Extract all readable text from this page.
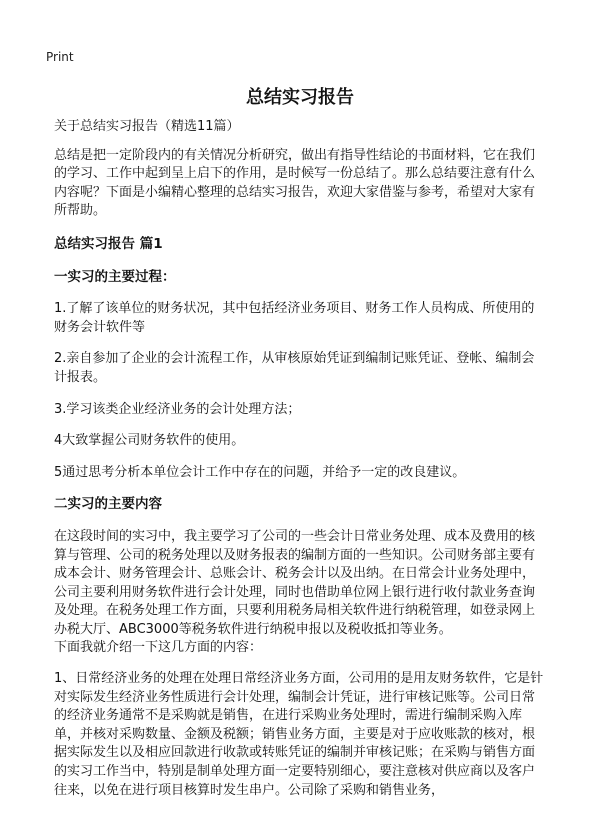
Print
总结实习报告

关于总结实习报告（精选11篇）

总结是把一定阶段内的有关情况分析研究，做出有指导性结论的书面材料，它在我们的学习、工作中起到呈上启下的作用，是时候写一份总结了。那么总结要注意有什么内容呢？下面是小编精心整理的总结实习报告，欢迎大家借鉴与参考，希望对大家有所帮助。

总结实习报告 篇1

一实习的主要过程：

1.了解了该单位的财务状况，其中包括经济业务项目、财务工作人员构成、所使用的财务会计软件等

2.亲自参加了企业的会计流程工作，从审核原始凭证到编制记账凭证、登帐、编制会计报表。

3.学习该类企业经济业务的会计处理方法；

4大致掌握公司财务软件的使用。

5通过思考分析本单位会计工作中存在的问题，并给予一定的改良建议。

二实习的主要内容

在这段时间的实习中，我主要学习了公司的一些会计日常业务处理、成本及费用的核算与管理、公司的税务处理以及财务报表的编制方面的一些知识。公司财务部主要有成本会计、财务管理会计、总账会计、税务会计以及出纳。在日常会计业务处理中，公司主要利用财务软件进行会计处理，同时也借助单位网上银行进行收付款业务查询及处理。在税务处理工作方面，只要利用税务局相关软件进行纳税管理，如登录网上办税大厅、ABC3000等税务软件进行纳税申报以及税收抵扣等业务。

下面我就介绍一下这几方面的内容：

1、日常经济业务的处理在处理日常经济业务方面，公司用的是用友财务软件，它是针对实际发生经济业务性质进行会计处理，编制会计凭证，进行审核记账等。公司日常的经济业务通常不是采购就是销售，在进行采购业务处理时，需进行编制采购入库单，并核对采购数量、金额及税额；销售业务方面，主要是对于应收账款的核对，根据实际发生以及相应回款进行收款或转账凭证的编制并审核记账；在采购与销售方面的实习工作当中，特别是制单处理方面一定要特别细心，要注意核对供应商以及客户往来，以免在进行项目核算时发生串户。公司除了采购和销售业务，
